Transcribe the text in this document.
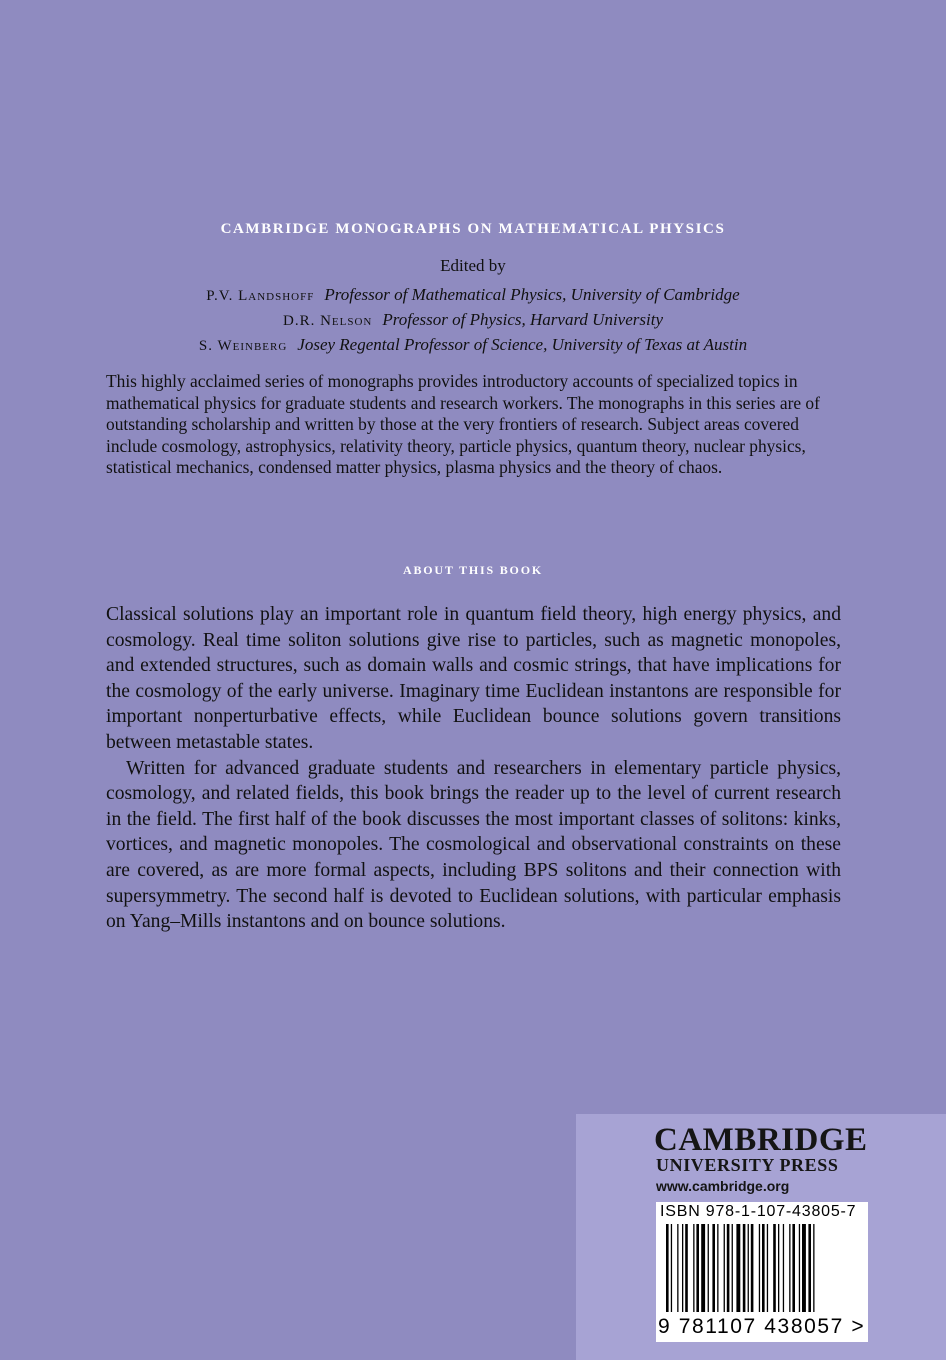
CAMBRIDGE MONOGRAPHS ON MATHEMATICAL PHYSICS
Edited by
P.V. Landshoff Professor of Mathematical Physics, University of Cambridge
D.R. Nelson Professor of Physics, Harvard University
S. Weinberg Josey Regental Professor of Science, University of Texas at Austin

This highly acclaimed series of monographs provides introductory accounts of specialized topics in mathematical physics for graduate students and research workers. The monographs in this series are of outstanding scholarship and written by those at the very frontiers of research. Subject areas covered include cosmology, astrophysics, relativity theory, particle physics, quantum theory, nuclear physics, statistical mechanics, condensed matter physics, plasma physics and the theory of chaos.

ABOUT THIS BOOK

Classical solutions play an important role in quantum field theory, high energy physics, and cosmology. Real time soliton solutions give rise to particles, such as magnetic monopoles, and extended structures, such as domain walls and cosmic strings, that have implications for the cosmology of the early universe. Imaginary time Euclidean instantons are responsible for important nonperturbative effects, while Euclidean bounce solutions govern transitions between metastable states.

Written for advanced graduate students and researchers in elementary particle physics, cosmology, and related fields, this book brings the reader up to the level of current research in the field. The first half of the book discusses the most important classes of solitons: kinks, vortices, and magnetic monopoles. The cosmological and observational constraints on these are covered, as are more formal aspects, including BPS solitons and their connection with supersymmetry. The second half is devoted to Euclidean solutions, with particular emphasis on Yang–Mills instantons and on bounce solutions.

CAMBRIDGE
UNIVERSITY PRESS
www.cambridge.org
ISBN 978-1-107-43805-7
9 781107 438057 >
